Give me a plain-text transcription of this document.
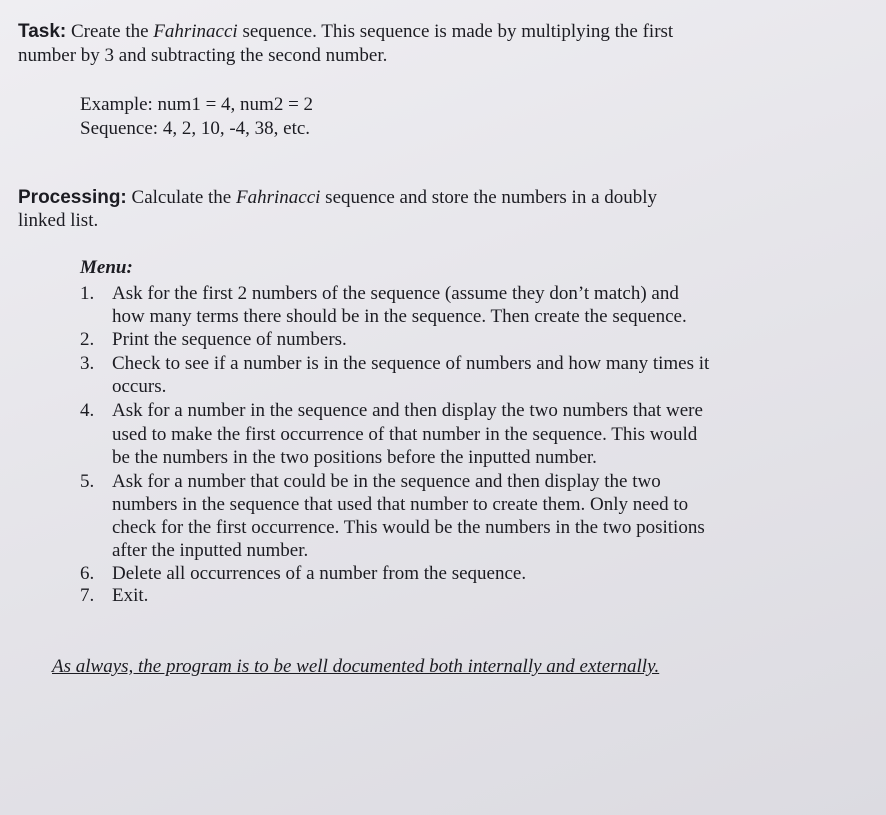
Task: Create the Fahrinacci sequence. This sequence is made by multiplying the first
number by 3 and subtracting the second number.
Example: num1 = 4, num2 = 2
Sequence: 4, 2, 10, -4, 38, etc.
Processing: Calculate the Fahrinacci sequence and store the numbers in a doubly
linked list.
Menu:
1. Ask for the first 2 numbers of the sequence (assume they don’t match) and
how many terms there should be in the sequence. Then create the sequence.
2. Print the sequence of numbers.
3. Check to see if a number is in the sequence of numbers and how many times it
occurs.
4. Ask for a number in the sequence and then display the two numbers that were
used to make the first occurrence of that number in the sequence. This would
be the numbers in the two positions before the inputted number.
5. Ask for a number that could be in the sequence and then display the two
numbers in the sequence that used that number to create them. Only need to
check for the first occurrence. This would be the numbers in the two positions
after the inputted number.
6. Delete all occurrences of a number from the sequence.
7. Exit.
As always, the program is to be well documented both internally and externally.
